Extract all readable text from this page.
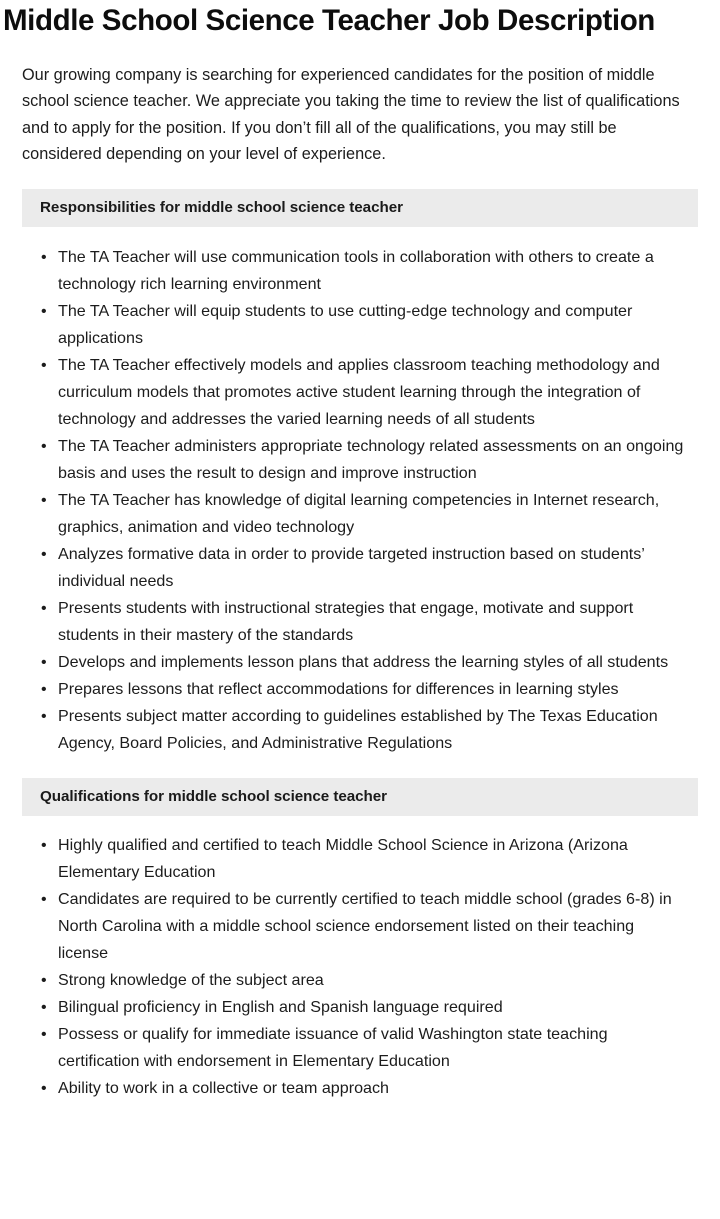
Middle School Science Teacher Job Description

Our growing company is searching for experienced candidates for the position of middle school science teacher. We appreciate you taking the time to review the list of qualifications and to apply for the position. If you don’t fill all of the qualifications, you may still be considered depending on your level of experience.

Responsibilities for middle school science teacher
• The TA Teacher will use communication tools in collaboration with others to create a technology rich learning environment
• The TA Teacher will equip students to use cutting-edge technology and computer applications
• The TA Teacher effectively models and applies classroom teaching methodology and curriculum models that promotes active student learning through the integration of technology and addresses the varied learning needs of all students
• The TA Teacher administers appropriate technology related assessments on an ongoing basis and uses the result to design and improve instruction
• The TA Teacher has knowledge of digital learning competencies in Internet research, graphics, animation and video technology
• Analyzes formative data in order to provide targeted instruction based on students’ individual needs
• Presents students with instructional strategies that engage, motivate and support students in their mastery of the standards
• Develops and implements lesson plans that address the learning styles of all students
• Prepares lessons that reflect accommodations for differences in learning styles
• Presents subject matter according to guidelines established by The Texas Education Agency, Board Policies, and Administrative Regulations
Qualifications for middle school science teacher
• Highly qualified and certified to teach Middle School Science in Arizona (Arizona Elementary Education
• Candidates are required to be currently certified to teach middle school (grades 6-8) in North Carolina with a middle school science endorsement listed on their teaching license
• Strong knowledge of the subject area
• Bilingual proficiency in English and Spanish language required
• Possess or qualify for immediate issuance of valid Washington state teaching certification with endorsement in Elementary Education
• Ability to work in a collective or team approach
